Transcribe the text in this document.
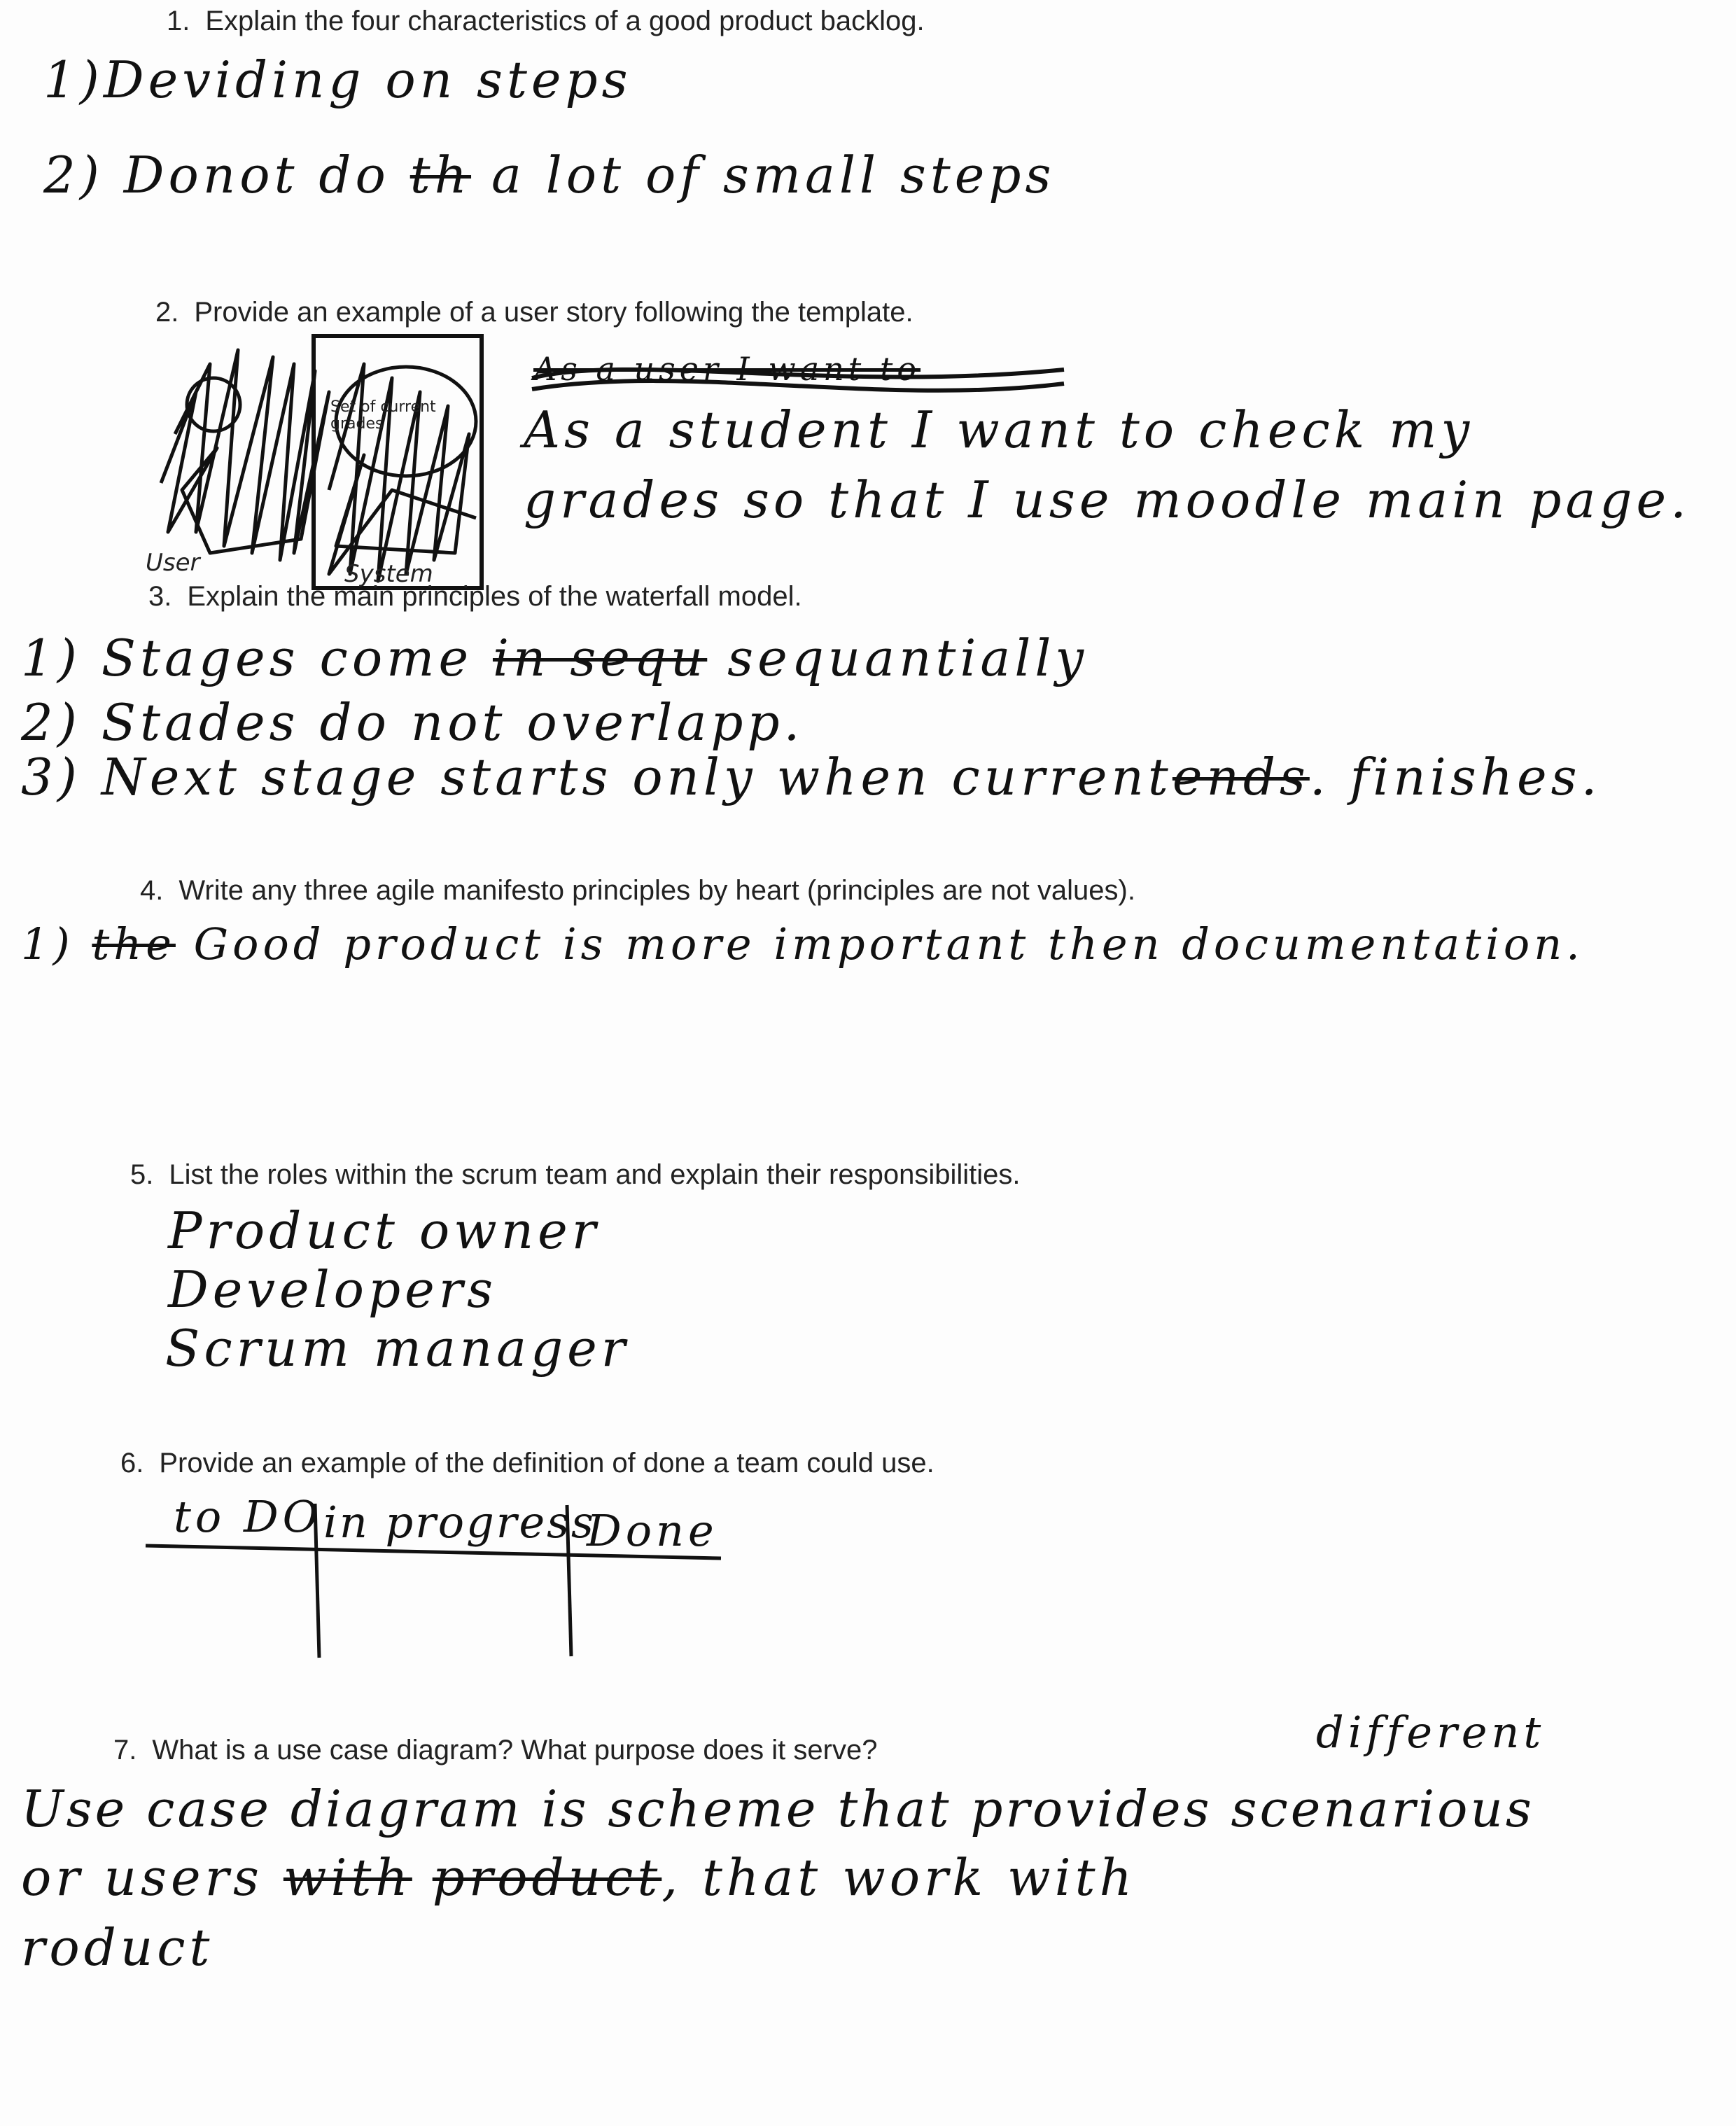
1. Explain the four characteristics of a good product backlog.
1)Deviding on steps
2) Donot do th a lot of small steps
2. Provide an example of a user story following the template.
Set of current grades
User	System
As a user I want to
As a student I want to check my
grades so that I use moodle main page.
3. Explain the main principles of the waterfall model.
1) Stages come in sequ sequantially
2) Stades do not overlapp.
3) Next stage starts only when currentends. finishes.
4. Write any three agile manifesto principles by heart (principles are not values).
1) the Good product is more important then documentation.
5. List the roles within the scrum team and explain their responsibilities.
Product owner
Developers
Scrum manager
6. Provide an example of the definition of done a team could use.
to DO in progress
Done
7. What is a use case diagram? What purpose does it serve?	different
Use case diagram is scheme that provides scenarious
or users with product, that work with
roduct
